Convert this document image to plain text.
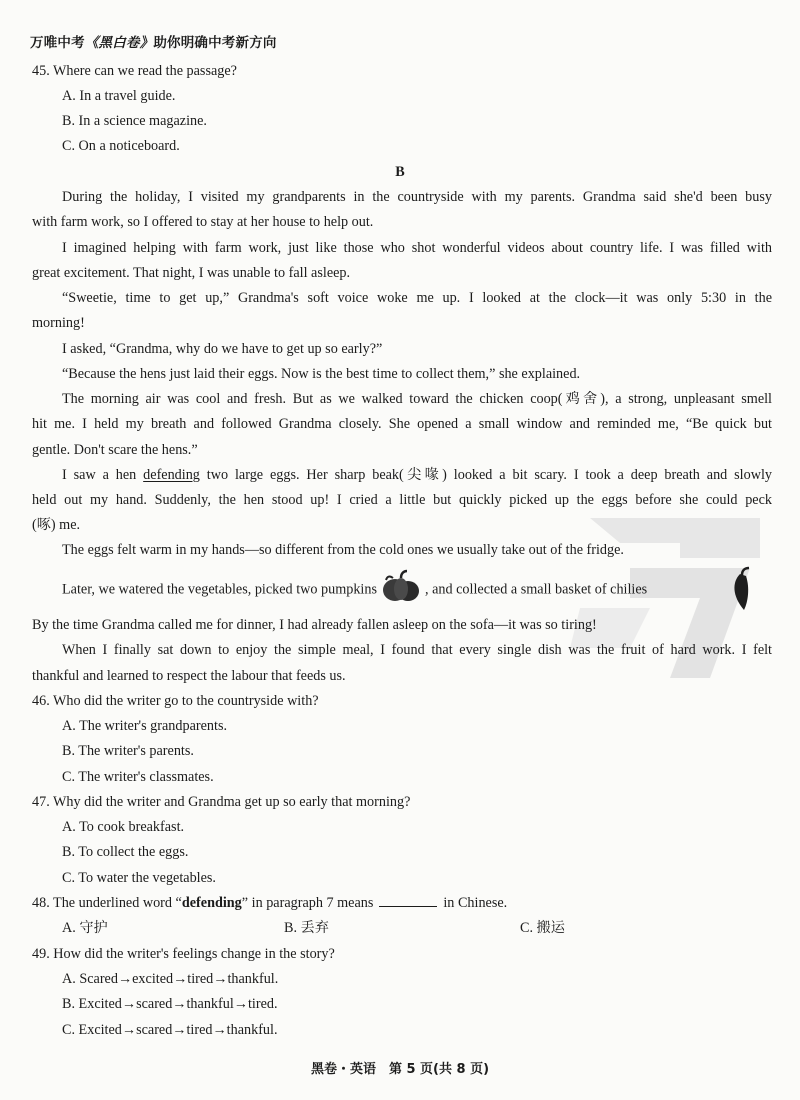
万唯中考《黑白卷》助你明确中考新方向
45. Where can we read the passage?
A. In a travel guide.
B. In a science magazine.
C. On a noticeboard.
B
During the holiday, I visited my grandparents in the countryside with my parents. Grandma said she'd been busy
with farm work, so I offered to stay at her house to help out.
I imagined helping with farm work, just like those who shot wonderful videos about country life. I was filled with
great excitement. That night, I was unable to fall asleep.
“Sweetie, time to get up,” Grandma's soft voice woke me up. I looked at the clock—it was only 5:30 in the
morning!
I asked, “Grandma, why do we have to get up so early?”
“Because the hens just laid their eggs. Now is the best time to collect them,” she explained.
The morning air was cool and fresh. But as we walked toward the chicken coop(鸡舍), a strong, unpleasant smell
hit me. I held my breath and followed Grandma closely. She opened a small window and reminded me, “Be quick but
gentle. Don't scare the hens.”
I saw a hen defending two large eggs. Her sharp beak(尖喙) looked a bit scary. I took a deep breath and slowly
held out my hand. Suddenly, the hen stood up! I cried a little but quickly picked up the eggs before she could peck
(啄) me.
The eggs felt warm in my hands—so different from the cold ones we usually take out of the fridge.
Later, we watered the vegetables, picked two pumpkins	, and collected a small basket of chilies
By the time Grandma called me for dinner, I had already fallen asleep on the sofa—it was so tiring!
When I finally sat down to enjoy the simple meal, I found that every single dish was the fruit of hard work. I felt
thankful and learned to respect the labour that feeds us.
46. Who did the writer go to the countryside with?
A. The writer's grandparents.
B. The writer's parents.
C. The writer's classmates.
47. Why did the writer and Grandma get up so early that morning?
A. To cook breakfast.
B. To collect the eggs.
C. To water the vegetables.
48. The underlined word “defending” in paragraph 7 means	in Chinese.
A. 守护	B. 丢弃	C. 搬运
49. How did the writer's feelings change in the story?
A. Scared→excited→tired→thankful.
B. Excited→scared→thankful→tired.
C. Excited→scared→tired→thankful.
黑卷・英语　第 5 页(共 8 页)
